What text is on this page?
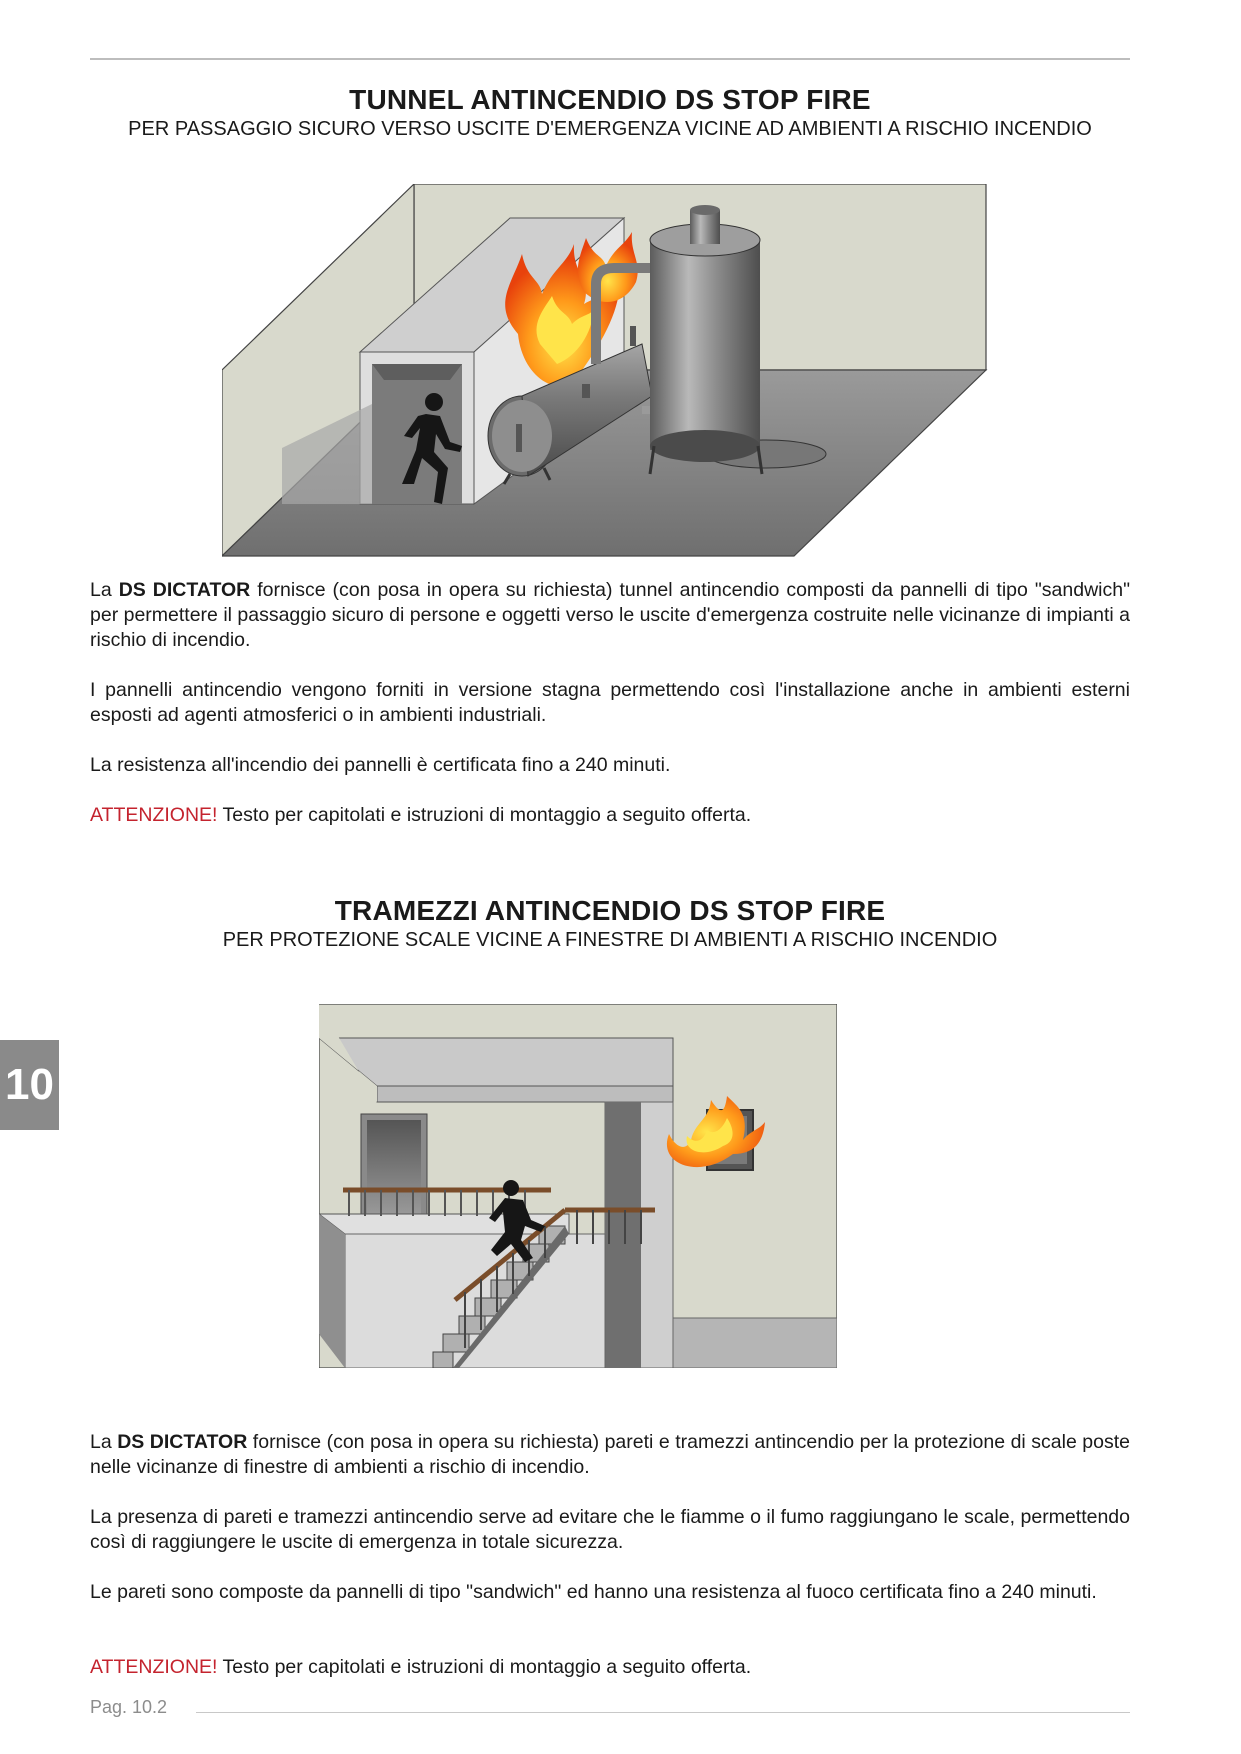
TUNNEL ANTINCENDIO DS STOP FIRE
PER PASSAGGIO SICURO VERSO USCITE D'EMERGENZA VICINE AD AMBIENTI A RISCHIO INCENDIO

La DS DICTATOR fornisce (con posa in opera su richiesta) tunnel antincendio composti da pannelli di tipo "sandwich" per permettere il passaggio sicuro di persone e oggetti verso le uscite d'emergenza costruite nelle vicinanze di impianti a rischio di incendio.

I pannelli antincendio vengono forniti in versione stagna permettendo così l'installazione anche in ambienti esterni esposti ad agenti atmosferici o in ambienti industriali.

La resistenza all'incendio dei pannelli è certificata fino a 240 minuti.

ATTENZIONE! Testo per capitolati e istruzioni di montaggio a seguito offerta.

TRAMEZZI ANTINCENDIO DS STOP FIRE
PER PROTEZIONE SCALE VICINE A FINESTRE DI AMBIENTI A RISCHIO INCENDIO

La DS DICTATOR fornisce (con posa in opera su richiesta) pareti e tramezzi antincendio per la protezione di scale poste nelle vicinanze di finestre di ambienti a rischio di incendio.

La presenza di pareti e tramezzi antincendio serve ad evitare che le fiamme o il fumo raggiungano le scale, permettendo così di raggiungere le uscite di emergenza in totale sicurezza.

Le pareti sono composte da pannelli di tipo "sandwich" ed hanno una resistenza al fuoco certificata fino a 240 minuti.

ATTENZIONE! Testo per capitolati e istruzioni di montaggio a seguito offerta.

10
Pag. 10.2
